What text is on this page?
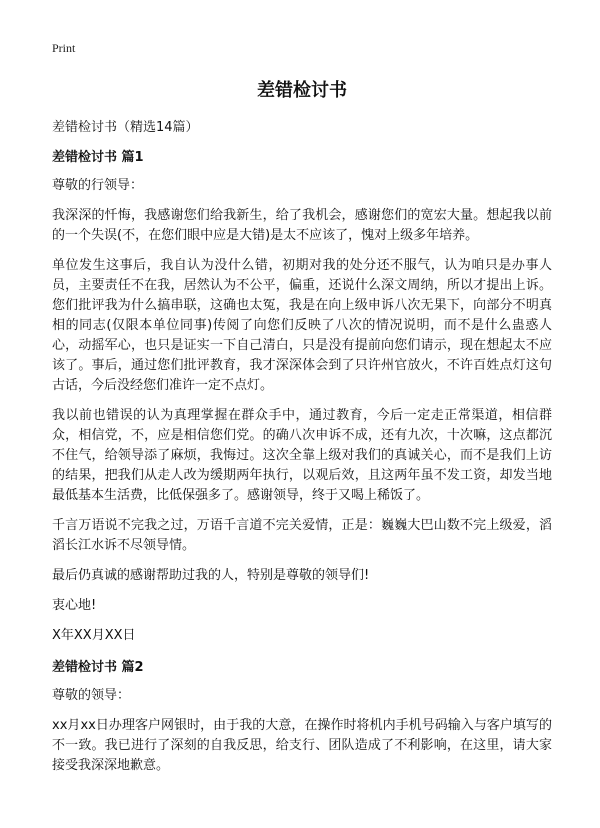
Print
差错检讨书
差错检讨书（精选14篇）
差错检讨书 篇1
尊敬的行领导：

我深深的忏悔，我感谢您们给我新生，给了我机会，感谢您们的宽宏大量。想起我以前的一个失误(不，在您们眼中应是大错)是太不应该了，愧对上级多年培养。

单位发生这事后，我自认为没什么错，初期对我的处分还不服气，认为咱只是办事人员，主要责任不在我，居然认为不公平，偏重，还说什么深文周纳，所以才提出上诉。您们批评我为什么搞串联，这确也太冤，我是在向上级申诉八次无果下，向部分不明真相的同志(仅限本单位同事)传阅了向您们反映了八次的情况说明，而不是什么蛊惑人心，动摇军心，也只是证实一下自己清白，只是没有提前向您们请示，现在想起太不应该了。事后，通过您们批评教育，我才深深体会到了只许州官放火，不许百姓点灯这句古话，今后没经您们准许一定不点灯。

我以前也错误的认为真理掌握在群众手中，通过教育，今后一定走正常渠道，相信群众，相信党，不，应是相信您们党。的确八次申诉不成，还有九次，十次嘛，这点都沉不住气，给领导添了麻烦，我悔过。这次全靠上级对我们的真诚关心，而不是我们上访的结果，把我们从走人改为缓期两年执行，以观后效，且这两年虽不发工资，却发当地最低基本生活费，比低保强多了。感谢领导，终于又喝上稀饭了。

千言万语说不完我之过，万语千言道不完关爱情，正是：巍巍大巴山数不完上级爱，滔滔长江水诉不尽领导情。

最后仍真诚的感谢帮助过我的人，特别是尊敬的领导们!

衷心地!
X年XX月XX日
差错检讨书 篇2
尊敬的领导：

xx月xx日办理客户网银时，由于我的大意，在操作时将机内手机号码输入与客户填写的不一致。我已进行了深刻的自我反思，给支行、团队造成了不利影响，在这里，请大家接受我深深地歉意。
